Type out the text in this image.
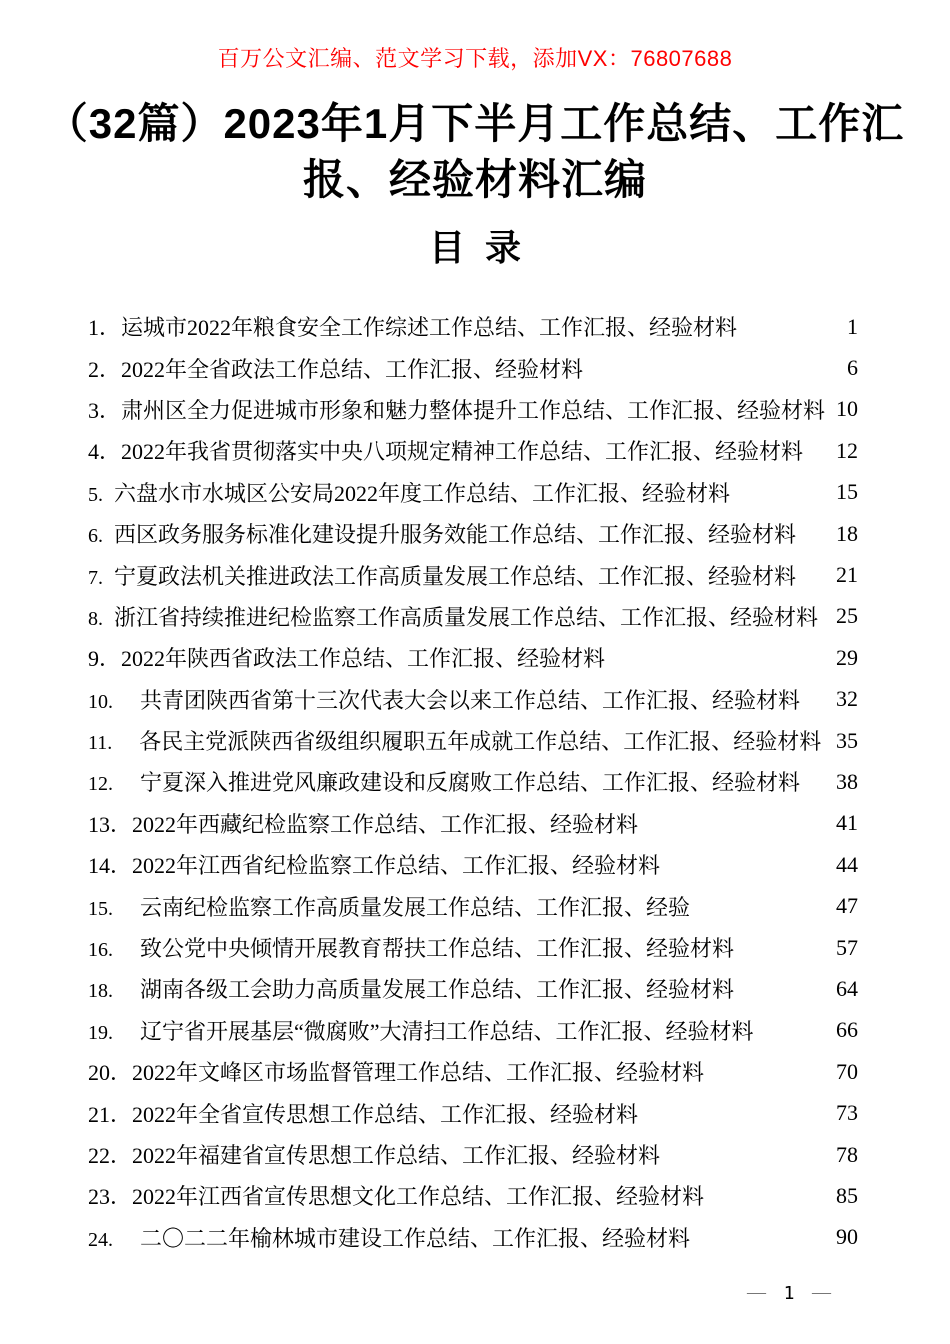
百万公文汇编、范文学习下载，添加VX：76807688
（32篇）2023年1月下半月工作总结、工作汇
报、经验材料汇编
目  录
1．运城市2022年粮食安全工作综述工作总结、工作汇报、经验材料	1
2．2022年全省政法工作总结、工作汇报、经验材料	6
3．肃州区全力促进城市形象和魅力整体提升工作总结、工作汇报、经验材料 10
4．2022年我省贯彻落实中央八项规定精神工作总结、工作汇报、经验材料 12
5. 六盘水市水城区公安局2022年度工作总结、工作汇报、经验材料	15
6. 西区政务服务标准化建设提升服务效能工作总结、工作汇报、经验材料 18
7. 宁夏政法机关推进政法工作高质量发展工作总结、工作汇报、经验材料 21
8. 浙江省持续推进纪检监察工作高质量发展工作总结、工作汇报、经验材料 25
9．2022年陕西省政法工作总结、工作汇报、经验材料	29
10. 共青团陕西省第十三次代表大会以来工作总结、工作汇报、经验材料 32
11. 各民主党派陕西省级组织履职五年成就工作总结、工作汇报、经验材料 35
12. 宁夏深入推进党风廉政建设和反腐败工作总结、工作汇报、经验材料 38
13．2022年西藏纪检监察工作总结、工作汇报、经验材料	41
14．2022年江西省纪检监察工作总结、工作汇报、经验材料	44
15. 云南纪检监察工作高质量发展工作总结、工作汇报、经验	47
16. 致公党中央倾情开展教育帮扶工作总结、工作汇报、经验材料	57
18. 湖南各级工会助力高质量发展工作总结、工作汇报、经验材料	64
19. 辽宁省开展基层“微腐败”大清扫工作总结、工作汇报、经验材料	66
20．2022年文峰区市场监督管理工作总结、工作汇报、经验材料	70
21．2022年全省宣传思想工作总结、工作汇报、经验材料	73
22．2022年福建省宣传思想工作总结、工作汇报、经验材料	78
23．2022年江西省宣传思想文化工作总结、工作汇报、经验材料	85
24. 二〇二二年榆林城市建设工作总结、工作汇报、经验材料	90
— 1 —
